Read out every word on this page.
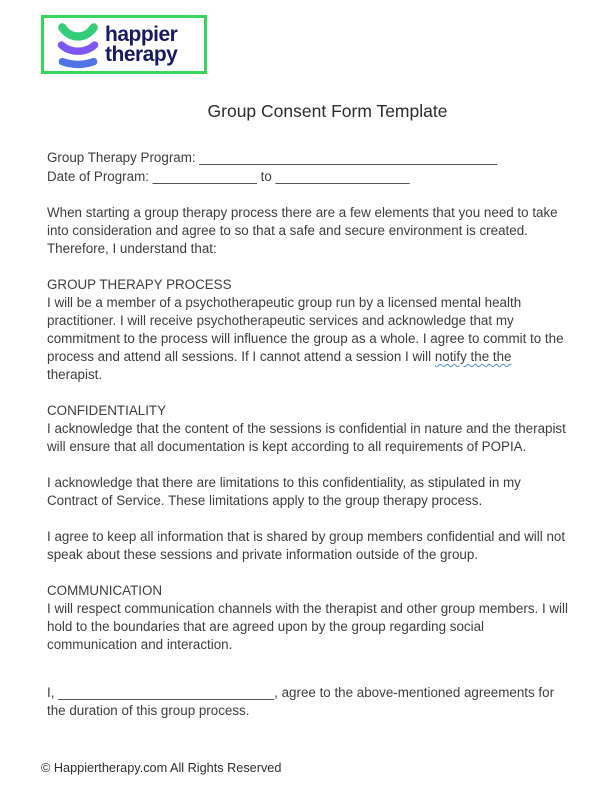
happier
therapy
Group Consent Form Template

Group Therapy Program: ________________________________________

Date of Program: ______________ to __________________

When starting a group therapy process there are a few elements that you need to take into consideration and agree to so that a safe and secure environment is created. Therefore, I understand that:

GROUP THERAPY PROCESS

I will be a member of a psychotherapeutic group run by a licensed mental health practitioner. I will receive psychotherapeutic services and acknowledge that my commitment to the process will influence the group as a whole. I agree to commit to the process and attend all sessions. If I cannot attend a session I will notify the the therapist.

CONFIDENTIALITY

I acknowledge that the content of the sessions is confidential in nature and the therapist will ensure that all documentation is kept according to all requirements of POPIA.

I acknowledge that there are limitations to this confidentiality, as stipulated in my Contract of Service. These limitations apply to the group therapy process.

I agree to keep all information that is shared by group members confidential and will not speak about these sessions and private information outside of the group.

COMMUNICATION

I will respect communication channels with the therapist and other group members. I will hold to the boundaries that are agreed upon by the group regarding social communication and interaction.

I, _____________________________, agree to the above-mentioned agreements for the duration of this group process.

© Happiertherapy.com All Rights Reserved
